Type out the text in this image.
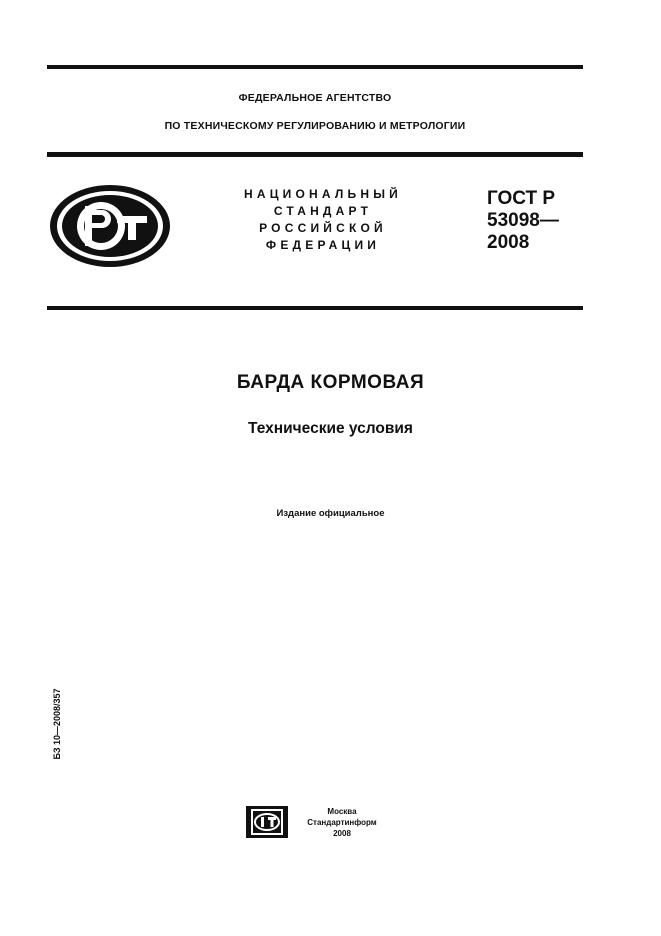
ФЕДЕРАЛЬНОЕ АГЕНТСТВО
ПО ТЕХНИЧЕСКОМУ РЕГУЛИРОВАНИЮ И МЕТРОЛОГИИ
НАЦИОНАЛЬНЫЙ
СТАНДАРТ
РОССИЙСКОЙ
ФЕДЕРАЦИИ
ГОСТ Р
53098—
2008
БАРДА КОРМОВАЯ
Технические условия
Издание официальное
БЗ 10—2008/357
Москва
Стандартинформ
2008
